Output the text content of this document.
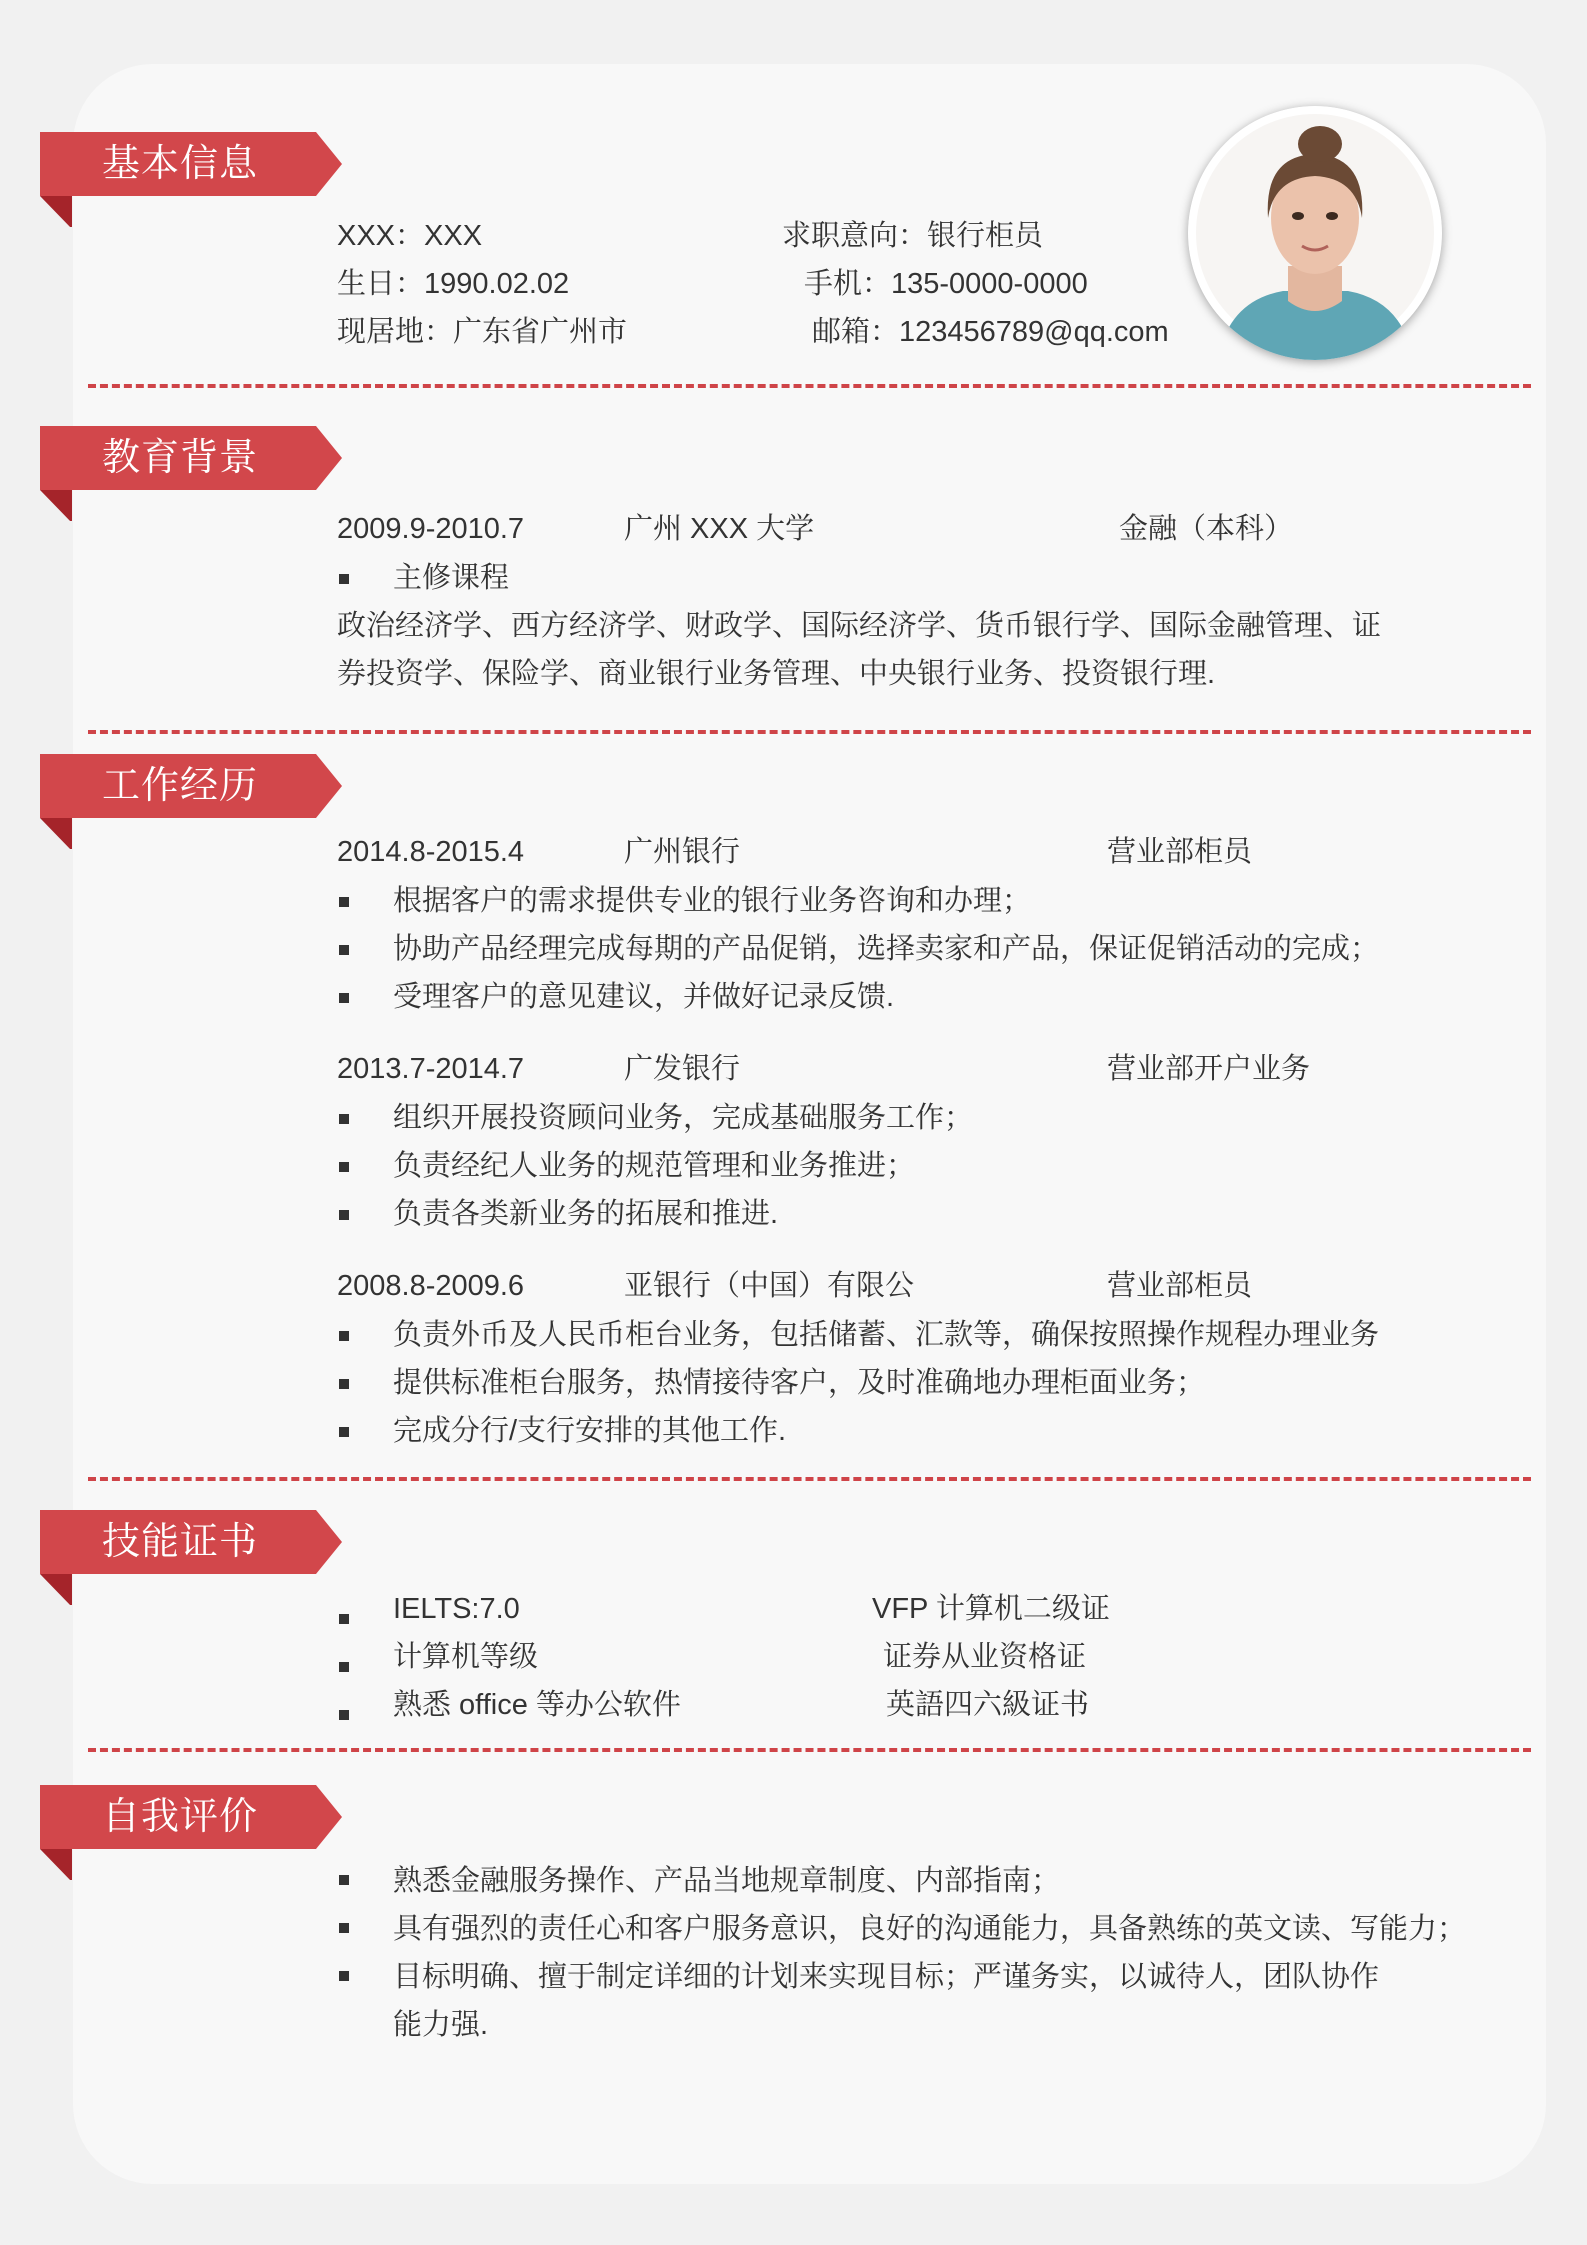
基本信息
XXX：XXX	求职意向：银行柜员
生日：1990.02.02	手机：135-0000-0000
现居地：广东省广州市	邮箱：123456789@qq.com
教育背景
2009.9-2010.7	广州 XXX 大学	金融（本科）
主修课程
政治经济学、西方经济学、财政学、国际经济学、货币银行学、国际金融管理、证券投资学、保险学、商业银行业务管理、中央银行业务、投资银行理.
工作经历
2014.8-2015.4	广州银行	营业部柜员
根据客户的需求提供专业的银行业务咨询和办理；
协助产品经理完成每期的产品促销，选择卖家和产品，保证促销活动的完成；
受理客户的意见建议，并做好记录反馈.
2013.7-2014.7	广发银行	营业部开户业务
组织开展投资顾问业务，完成基础服务工作；
负责经纪人业务的规范管理和业务推进；
负责各类新业务的拓展和推进.
2008.8-2009.6	亚银行（中国）有限公	营业部柜员
负责外币及人民币柜台业务，包括储蓄、汇款等，确保按照操作规程办理业务
提供标准柜台服务，热情接待客户，及时准确地办理柜面业务；
完成分行/支行安排的其他工作.
技能证书
IELTS:7.0	VFP 计算机二级证
计算机等级	证券从业资格证
熟悉 office 等办公软件	英語四六級证书
自我评价
熟悉金融服务操作、产品当地规章制度、内部指南；
具有强烈的责任心和客户服务意识，良好的沟通能力，具备熟练的英文读、写能力；
目标明确、擅于制定详细的计划来实现目标；严谨务实，以诚待人，团队协作能力强.
